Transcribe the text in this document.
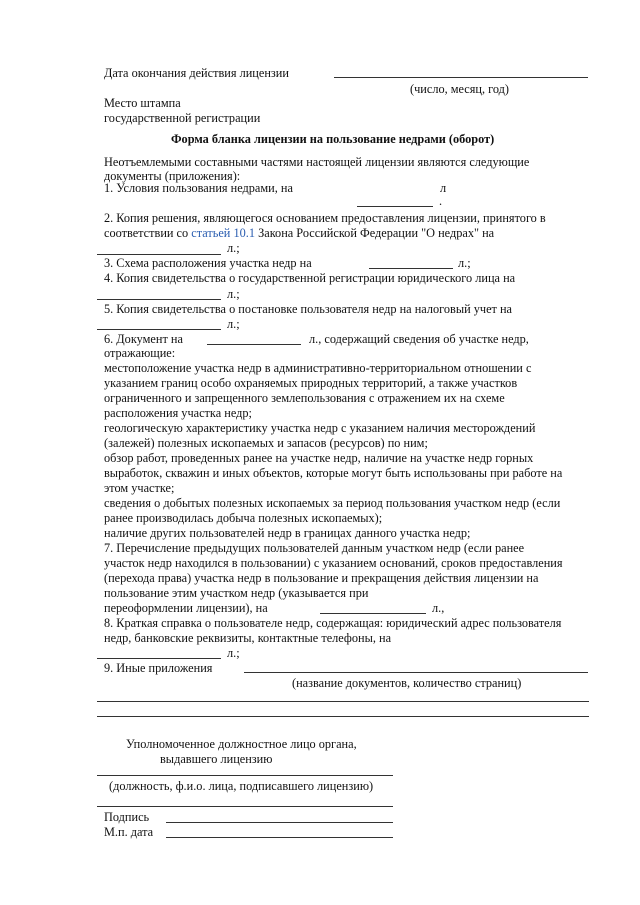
Дата окончания действия лицензии
(число, месяц, год)
Место штампа
государственной регистрации
Форма бланка лицензии на пользование недрами (оборот)
Неотъемлемыми составными частями настоящей лицензии являются следующие
документы (приложения):
1. Условия пользования недрами, на	л
.
2. Копия решения, являющегося основанием предоставления лицензии, принятого в
соответствии со статьей 10.1 Закона Российской Федерации "О недрах" на
л.;
3. Схема расположения участка недр на	л.;
4. Копия свидетельства о государственной регистрации юридического лица на
л.;
5. Копия свидетельства о постановке пользователя недр на налоговый учет на
л.;
6. Документ на	л., содержащий сведения об участке недр,
отражающие:
местоположение участка недр в административно-территориальном отношении с
указанием границ особо охраняемых природных территорий, а также участков
ограниченного и запрещенного землепользования с отражением их на схеме
расположения участка недр;
геологическую характеристику участка недр с указанием наличия месторождений
(залежей) полезных ископаемых и запасов (ресурсов) по ним;
обзор работ, проведенных ранее на участке недр, наличие на участке недр горных
выработок, скважин и иных объектов, которые могут быть использованы при работе на
этом участке;
сведения о добытых полезных ископаемых за период пользования участком недр (если
ранее производилась добыча полезных ископаемых);
наличие других пользователей недр в границах данного участка недр;
7. Перечисление предыдущих пользователей данным участком недр (если ранее
участок недр находился в пользовании) с указанием оснований, сроков предоставления
(перехода права) участка недр в пользование и прекращения действия лицензии на
пользование этим участком недр (указывается при
переоформлении лицензии), на	л.,
8. Краткая справка о пользователе недр, содержащая: юридический адрес пользователя
недр, банковские реквизиты, контактные телефоны, на
л.;
9. Иные приложения
(название документов, количество страниц)
Уполномоченное должностное лицо органа,
выдавшего лицензию
(должность, ф.и.о. лица, подписавшего лицензию)
Подпись
М.п. дата
